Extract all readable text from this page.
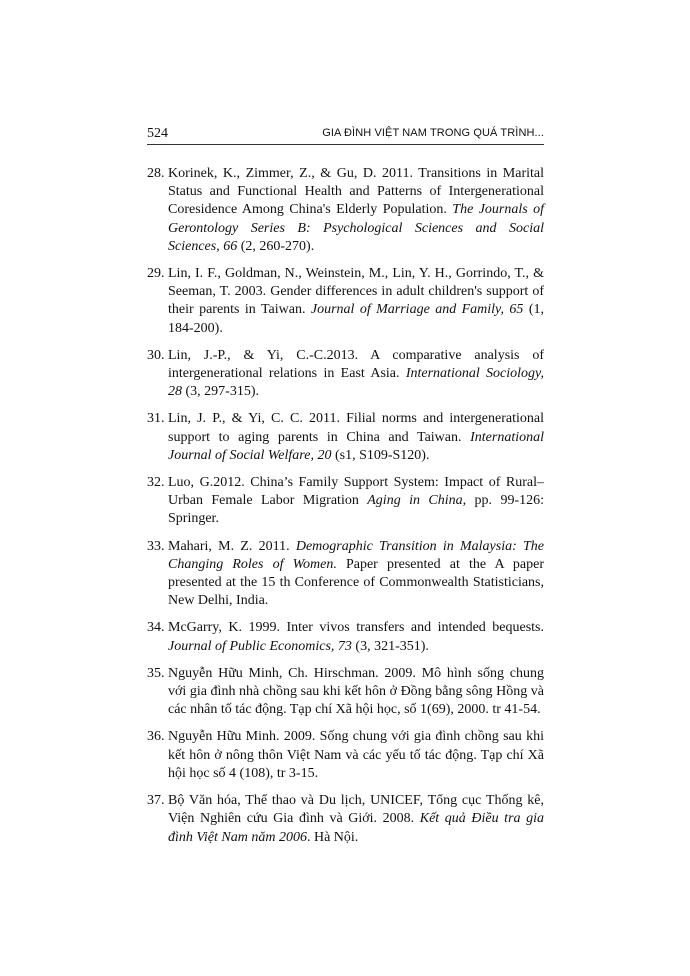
524	GIA ĐÌNH VIỆT NAM TRONG QUÁ TRÌNH...
28. Korinek, K., Zimmer, Z., & Gu, D. 2011. Transitions in Marital Status and Functional Health and Patterns of Intergenerational Coresidence Among China's Elderly Population. The Journals of Gerontology Series B: Psychological Sciences and Social Sciences, 66 (2, 260-270).
29. Lin, I. F., Goldman, N., Weinstein, M., Lin, Y. H., Gorrindo, T., & Seeman, T. 2003. Gender differences in adult children's support of their parents in Taiwan. Journal of Marriage and Family, 65 (1, 184-200).
30. Lin, J.-P., & Yi, C.-C.2013. A comparative analysis of intergenerational relations in East Asia. International Sociology, 28 (3, 297-315).
31. Lin, J. P., & Yi, C. C. 2011. Filial norms and intergenerational support to aging parents in China and Taiwan. International Journal of Social Welfare, 20 (s1, S109-S120).
32. Luo, G.2012. China’s Family Support System: Impact of Rural–Urban Female Labor Migration Aging in China, pp. 99-126: Springer.
33. Mahari, M. Z. 2011. Demographic Transition in Malaysia: The Changing Roles of Women. Paper presented at the A paper presented at the 15 th Conference of Commonwealth Statisticians, New Delhi, India.
34. McGarry, K. 1999. Inter vivos transfers and intended bequests. Journal of Public Economics, 73 (3, 321-351).
35. Nguyễn Hữu Minh, Ch. Hirschman. 2009. Mô hình sống chung với gia đình nhà chồng sau khi kết hôn ở Đồng bằng sông Hồng và các nhân tố tác động. Tạp chí Xã hội học, số 1(69), 2000. tr 41-54.
36. Nguyễn Hữu Minh. 2009. Sống chung với gia đình chồng sau khi kết hôn ở nông thôn Việt Nam và các yếu tố tác động. Tạp chí Xã hội học số 4 (108), tr 3-15.
37. Bộ Văn hóa, Thể thao và Du lịch, UNICEF, Tổng cục Thống kê, Viện Nghiên cứu Gia đình và Giới. 2008. Kết quả Điều tra gia đình Việt Nam năm 2006. Hà Nội.
